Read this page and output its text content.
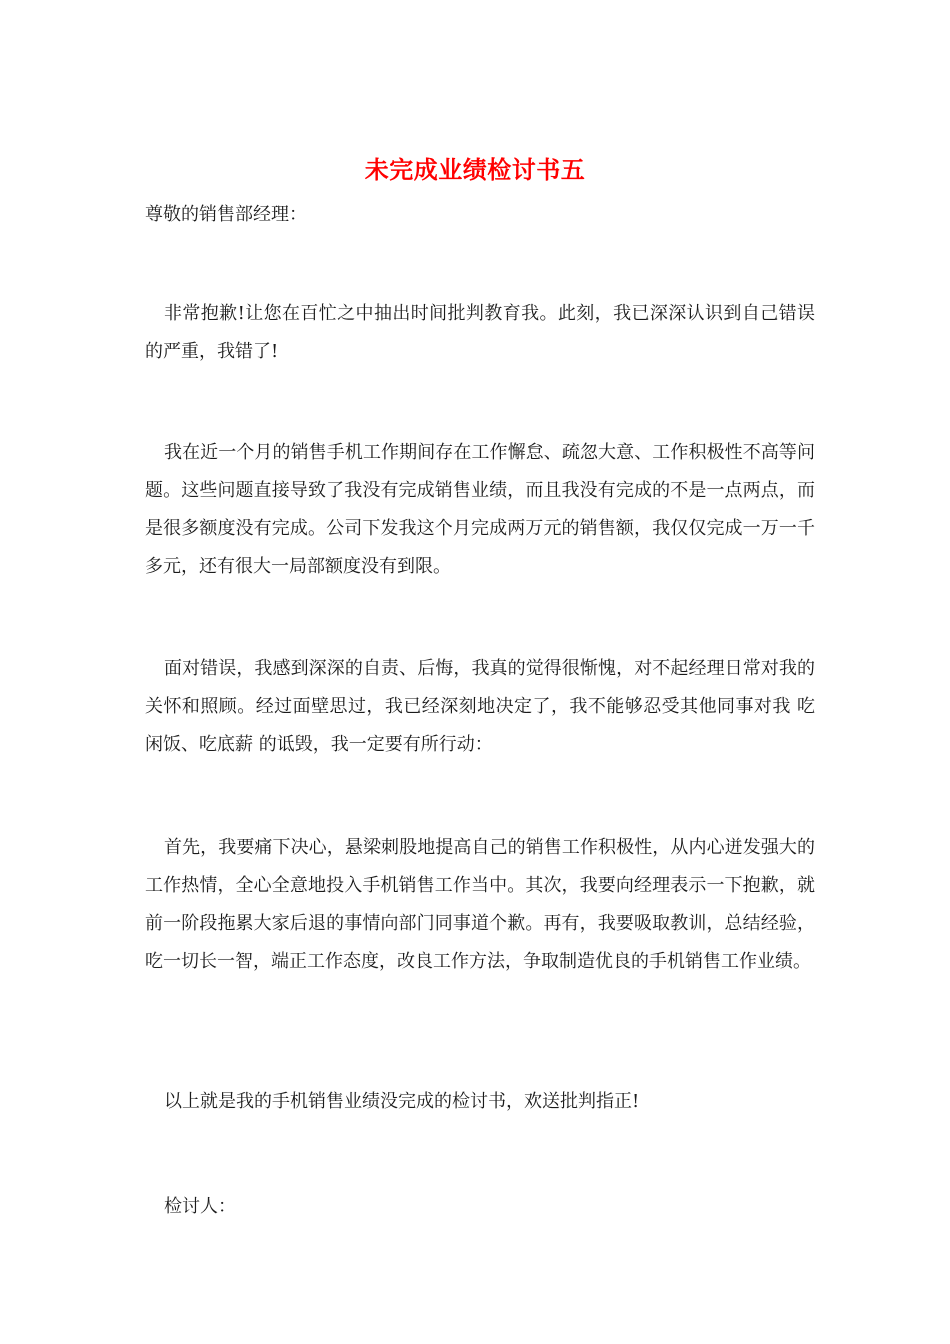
未完成业绩检讨书五
尊敬的销售部经理：
非常抱歉!让您在百忙之中抽出时间批判教育我。此刻，我已深深认识到自己错误的严重，我错了!
我在近一个月的销售手机工作期间存在工作懈怠、疏忽大意、工作积极性不高等问题。这些问题直接导致了我没有完成销售业绩，而且我没有完成的不是一点两点，而是很多额度没有完成。公司下发我这个月完成两万元的销售额，我仅仅完成一万一千多元，还有很大一局部额度没有到限。
面对错误，我感到深深的自责、后悔，我真的觉得很惭愧，对不起经理日常对我的关怀和照顾。经过面壁思过，我已经深刻地决定了，我不能够忍受其他同事对我 吃闲饭、吃底薪 的诋毁，我一定要有所行动：
首先，我要痛下决心，悬梁刺股地提高自己的销售工作积极性，从内心迸发强大的工作热情，全心全意地投入手机销售工作当中。其次，我要向经理表示一下抱歉，就前一阶段拖累大家后退的事情向部门同事道个歉。再有，我要吸取教训，总结经验，吃一切长一智，端正工作态度，改良工作方法，争取制造优良的手机销售工作业绩。
以上就是我的手机销售业绩没完成的检讨书，欢送批判指正!
检讨人：
